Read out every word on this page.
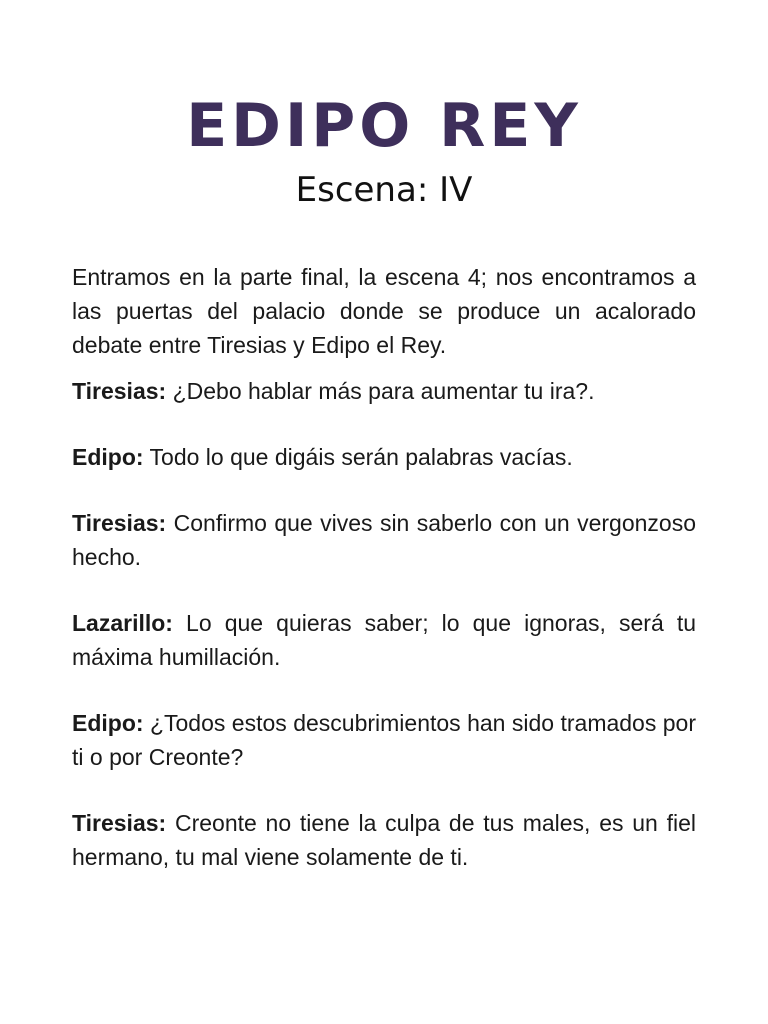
EDIPO REY
Escena: IV

Entramos en la parte final, la escena 4; nos encontramos a las puertas del palacio donde se produce un acalorado debate entre Tiresias y Edipo el Rey.

Tiresias: ¿Debo hablar más para aumentar tu ira?.

Edipo: Todo lo que digáis serán palabras vacías.

Tiresias: Confirmo que vives sin saberlo con un vergonzoso hecho.

Lazarillo: Lo que quieras saber; lo que ignoras, será tu máxima humillación.

Edipo: ¿Todos estos descubrimientos han sido tramados por ti o por Creonte?

Tiresias: Creonte no tiene la culpa de tus males, es un fiel hermano, tu mal viene solamente de ti.
